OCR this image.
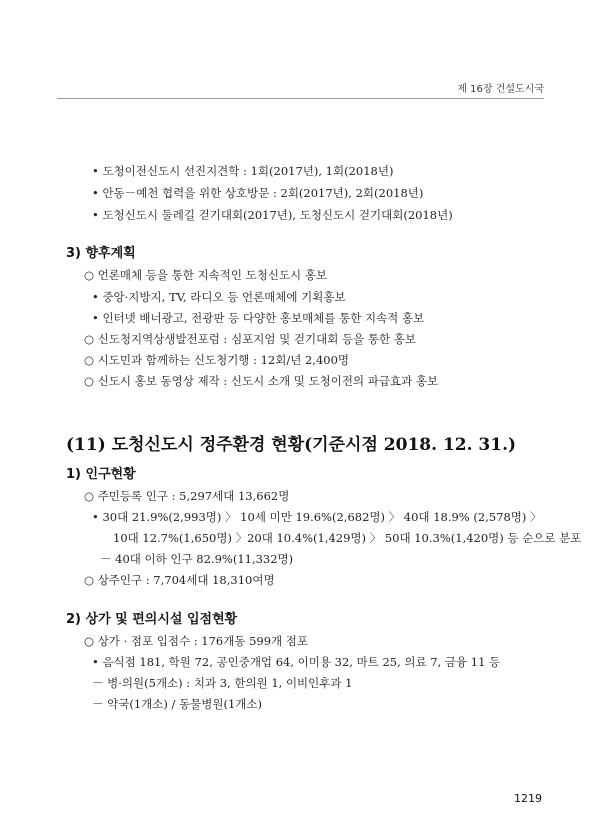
제 16장 건설도시국
• 도청이전신도시 선진지견학 : 1회(2017년), 1회(2018년)
• 안동－예천 협력을 위한 상호방문 : 2회(2017년), 2회(2018년)
• 도청신도시 둘레길 걷기대회(2017년), 도청신도시 걷기대회(2018년)
3) 향후계획
○ 언론매체 등을 통한 지속적인 도청신도시 홍보
• 중앙·지방지, TV, 라디오 등 언론매체에 기획홍보
• 인터넷 배너광고, 전광판 등 다양한 홍보매체를 통한 지속적 홍보
○ 신도청지역상생발전포럼 : 심포지엄 및 걷기대회 등을 통한 홍보
○ 시도민과 함께하는 신도청기행 : 12회/년 2,400명
○ 신도시 홍보 동영상 제작 : 신도시 소개 및 도청이전의 파급효과 홍보
(11) 도청신도시 정주환경 현황(기준시점 2018. 12. 31.)
1) 인구현황
○ 주민등록 인구 : 5,297세대 13,662명
• 30대 21.9%(2,993명) 〉 10세 미만 19.6%(2,682명) 〉 40대 18.9% (2,578명) 〉
10대 12.7%(1,650명) 〉20대 10.4%(1,429명) 〉 50대 10.3%(1,420명) 등 순으로 분포
－ 40대 이하 인구 82.9%(11,332명)
○ 상주인구 : 7,704세대 18,310여명
2) 상가 및 편의시설 입점현황
○ 상가 · 점포 입점수 : 176개동 599개 점포
• 음식점 181, 학원 72, 공인중개업 64, 이미용 32, 마트 25, 의료 7, 금융 11 등
－ 병·의원(5개소) : 치과 3, 한의원 1, 이비인후과 1
－ 약국(1개소) / 동물병원(1개소)
1219
